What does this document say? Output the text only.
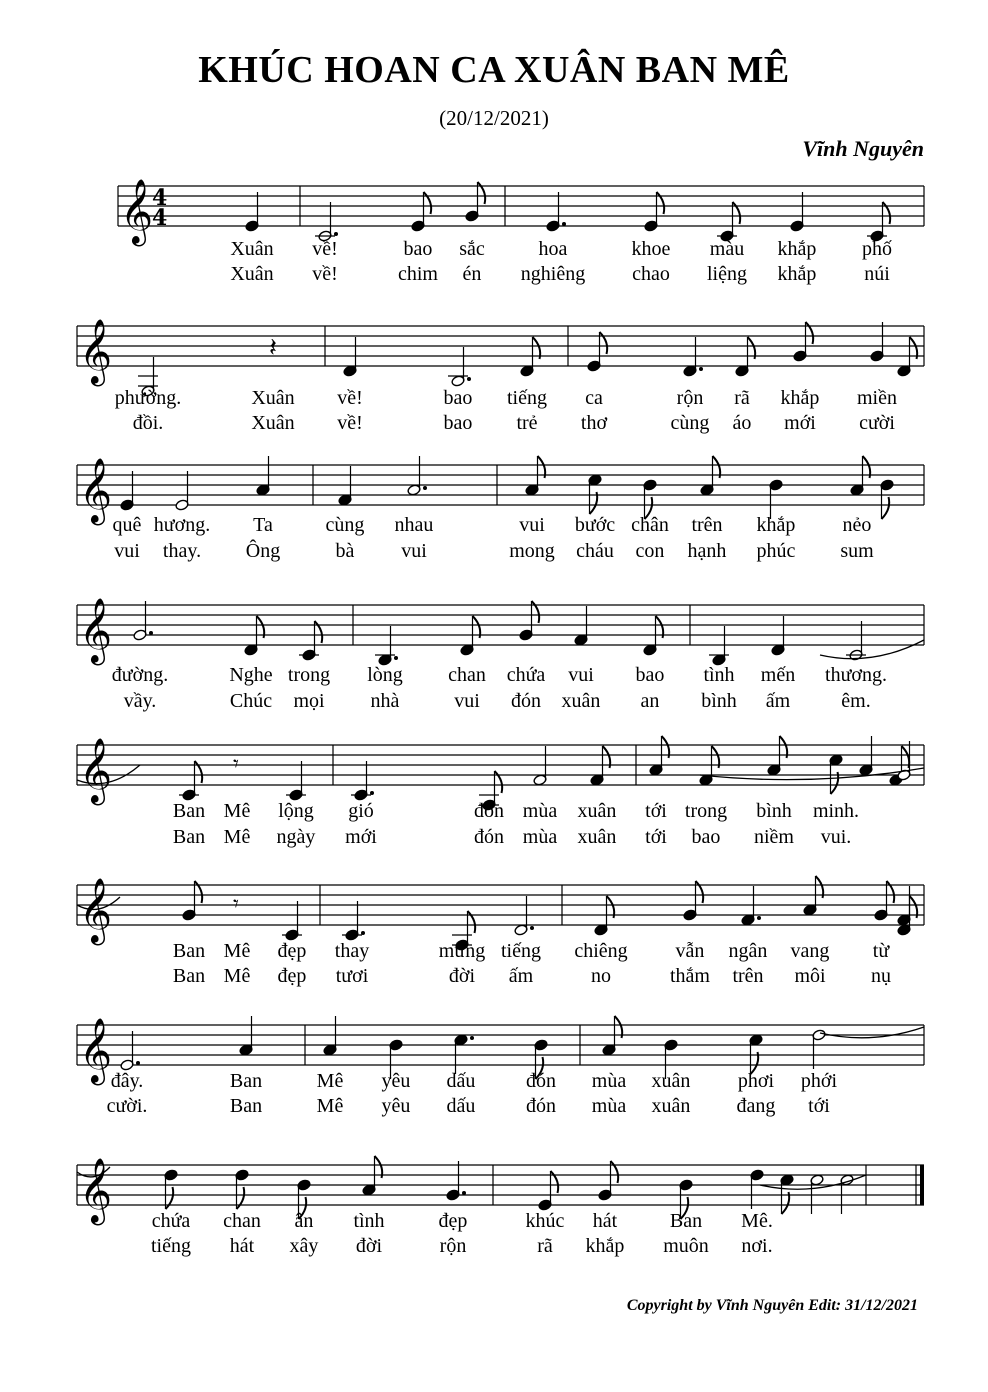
KHÚC HOAN CA XUÂN BAN MÊ
(20/12/2021)
Vĩnh Nguyên
𝄞
4
4
𝄞	𝄽
𝄞
𝄞
𝄞	𝄾
𝄞	𝄾
𝄞
𝄞
Xuân về!	bao sắc	hoa	khoe màu khắp phố
Xuân về!	chim én nghiêng chao liệng khắp núi
phường.	Xuân về!	bao tiếng ca	rộn rã khắp miền
đồi.	Xuân về!	bao trẻ thơ	cùng áo mới cười
quê hương. Ta	cùng nhau	vui bước chân trên khắp nẻo
vui thay. Ông	bà vui	mong cháu con hạnh phúc sum
đường.	Nghe trong lòng chan chứa vui bao tình mến thương.
vầy.	Chúc mọi nhà	vui đón xuân an bình ấm	êm.
Ban Mê lộng gió	đón mùa xuân tới trong bình minh.
Ban Mê ngày mới	đón mùa xuân tới bao niềm vui.
Ban Mê đẹp thay	mừng tiếng chiêng vẫn ngân vang từ
Ban Mê đẹp tươi	đời ấm	no	thắm trên môi nụ
đây.	Ban	Mê yêu dấu	đón mùa xuân phơi phới
cười.	Ban	Mê yêu dấu	đón mùa xuân đang tới
chứa chan ân tình	đẹp	khúc hát	Ban Mê.
tiếng hát xây đời	rộn	rã khắp muôn nơi.
Copyright by Vĩnh Nguyên Edit: 31/12/2021
